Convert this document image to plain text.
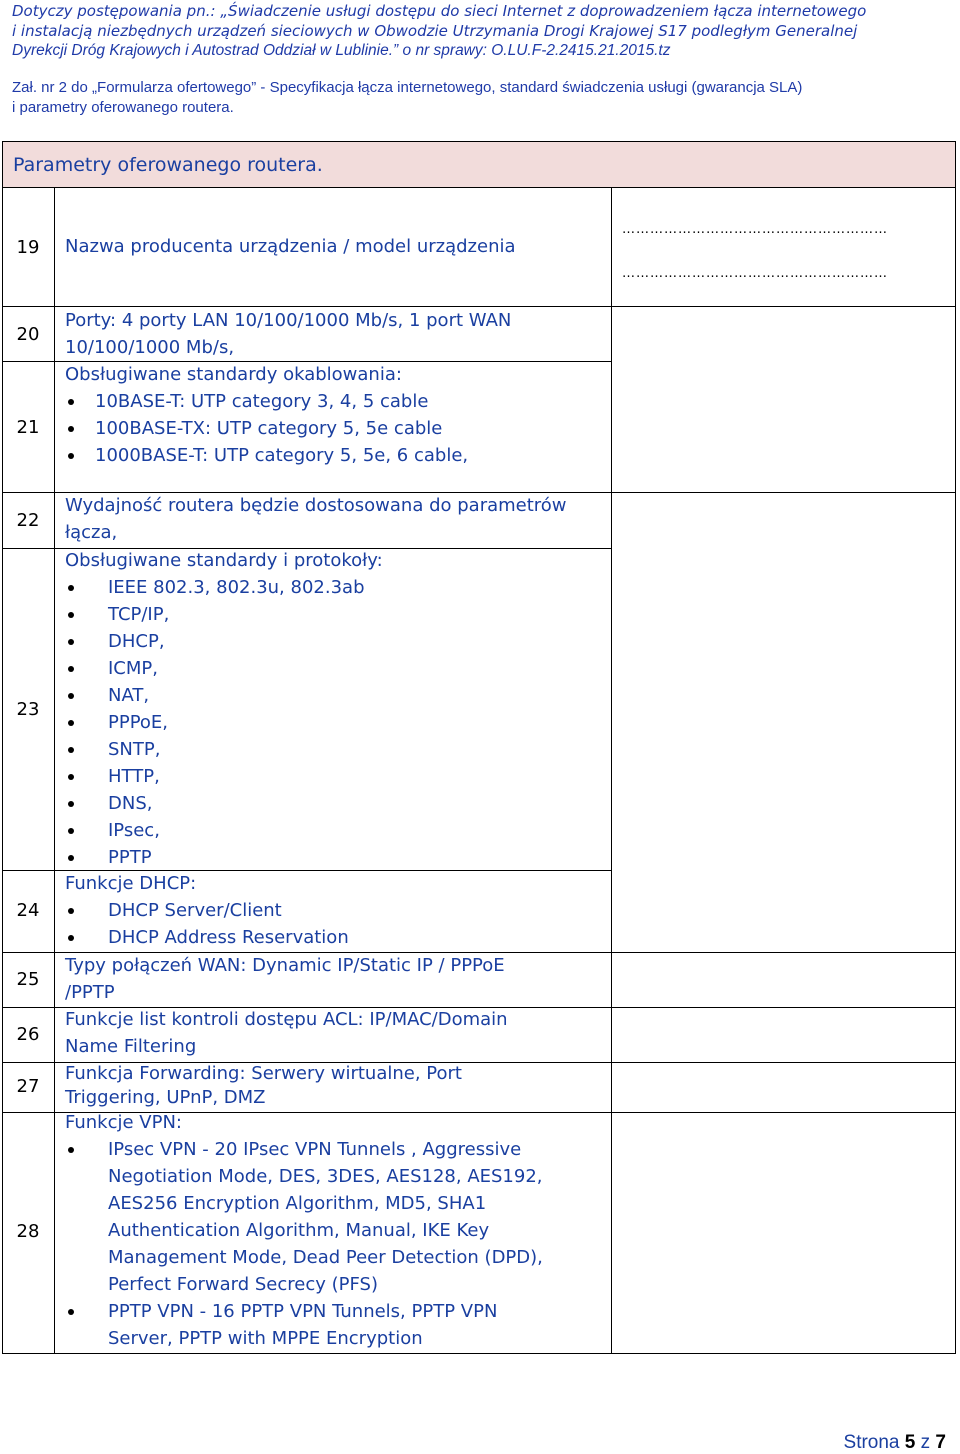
Dotyczy postępowania pn.: „Świadczenie usługi dostępu do sieci Internet z doprowadzeniem łącza internetowego
i instalacją niezbędnych urządzeń sieciowych w Obwodzie Utrzymania Drogi Krajowej S17 podległym Generalnej
Dyrekcji Dróg Krajowych i Autostrad Oddział w Lublinie.” o nr sprawy: O.LU.F-2.2415.21.2015.tz
Zał. nr 2 do „Formularza ofertowego” - Specyfikacja łącza internetowego, standard świadczenia usługi (gwarancja SLA)
i parametry oferowanego routera.
Parametry oferowanego routera.
19
20
21
22
23
24
25
26
27
28
Nazwa producenta urządzenia / model urządzenia
…………………………………………………
…………………………………………………
Porty: 4 porty LAN 10/100/1000 Mb/s, 1 port WAN
10/100/1000 Mb/s,
Obsługiwane standardy okablowania:
10BASE-T: UTP category 3, 4, 5 cable
100BASE-TX: UTP category 5, 5e cable
1000BASE-T: UTP category 5, 5e, 6 cable,
Wydajność routera będzie dostosowana do parametrów
łącza,
Obsługiwane standardy i protokoły:
IEEE 802.3, 802.3u, 802.3ab
TCP/IP,
DHCP,
ICMP,
NAT,
PPPoE,
SNTP,
HTTP,
DNS,
IPsec,
PPTP
Funkcje DHCP:
DHCP Server/Client
DHCP Address Reservation
Typy połączeń WAN: Dynamic IP/Static IP / PPPoE
/PPTP
Funkcje list kontroli dostępu ACL: IP/MAC/Domain
Name Filtering
Funkcja Forwarding: Serwery wirtualne, Port
Triggering, UPnP, DMZ
Funkcje VPN:
IPsec VPN - 20 IPsec VPN Tunnels , Aggressive
Negotiation Mode, DES, 3DES, AES128, AES192,
AES256 Encryption Algorithm, MD5, SHA1
Authentication Algorithm, Manual, IKE Key
Management Mode, Dead Peer Detection (DPD),
Perfect Forward Secrecy (PFS)
PPTP VPN - 16 PPTP VPN Tunnels, PPTP VPN
Server, PPTP with MPPE Encryption
Strona 5 z 7
